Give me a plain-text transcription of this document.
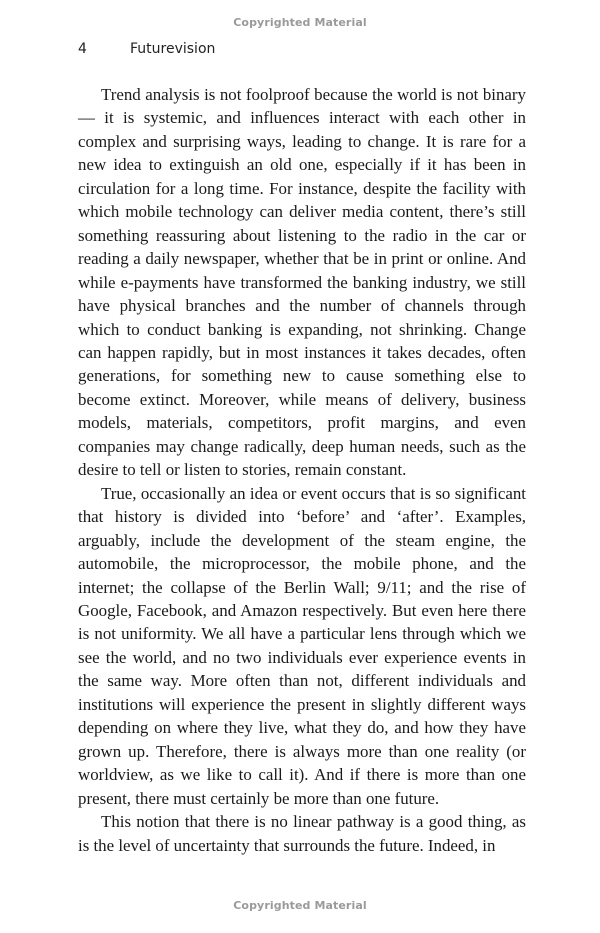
Copyrighted Material
4	Futurevision

Trend analysis is not foolproof because the world is not binary — it is systemic, and influences interact with each other in complex and surprising ways, leading to change. It is rare for a new idea to extinguish an old one, especially if it has been in circulation for a long time. For instance, despite the facility with which mobile technology can deliver media content, there’s still something reassuring about listening to the radio in the car or reading a daily newspaper, whether that be in print or online. And while e-payments have transformed the banking industry, we still have physical branches and the number of channels through which to conduct banking is expanding, not shrinking. Change can happen rapidly, but in most instances it takes decades, often generations, for something new to cause something else to become extinct. Moreover, while means of delivery, business models, materials, competitors, profit margins, and even companies may change radically, deep human needs, such as the desire to tell or listen to stories, remain constant.

True, occasionally an idea or event occurs that is so significant that history is divided into ‘before’ and ‘after’. Examples, arguably, include the development of the steam engine, the automobile, the microprocessor, the mobile phone, and the internet; the collapse of the Berlin Wall; 9/11; and the rise of Google, Facebook, and Amazon respectively. But even here there is not uniformity. We all have a particular lens through which we see the world, and no two individuals ever experience events in the same way. More often than not, different individuals and institutions will experience the present in slightly different ways depending on where they live, what they do, and how they have grown up. Therefore, there is always more than one reality (or worldview, as we like to call it). And if there is more than one present, there must certainly be more than one future.

This notion that there is no linear pathway is a good thing, as is the level of uncertainty that surrounds the future. Indeed, in

Copyrighted Material
